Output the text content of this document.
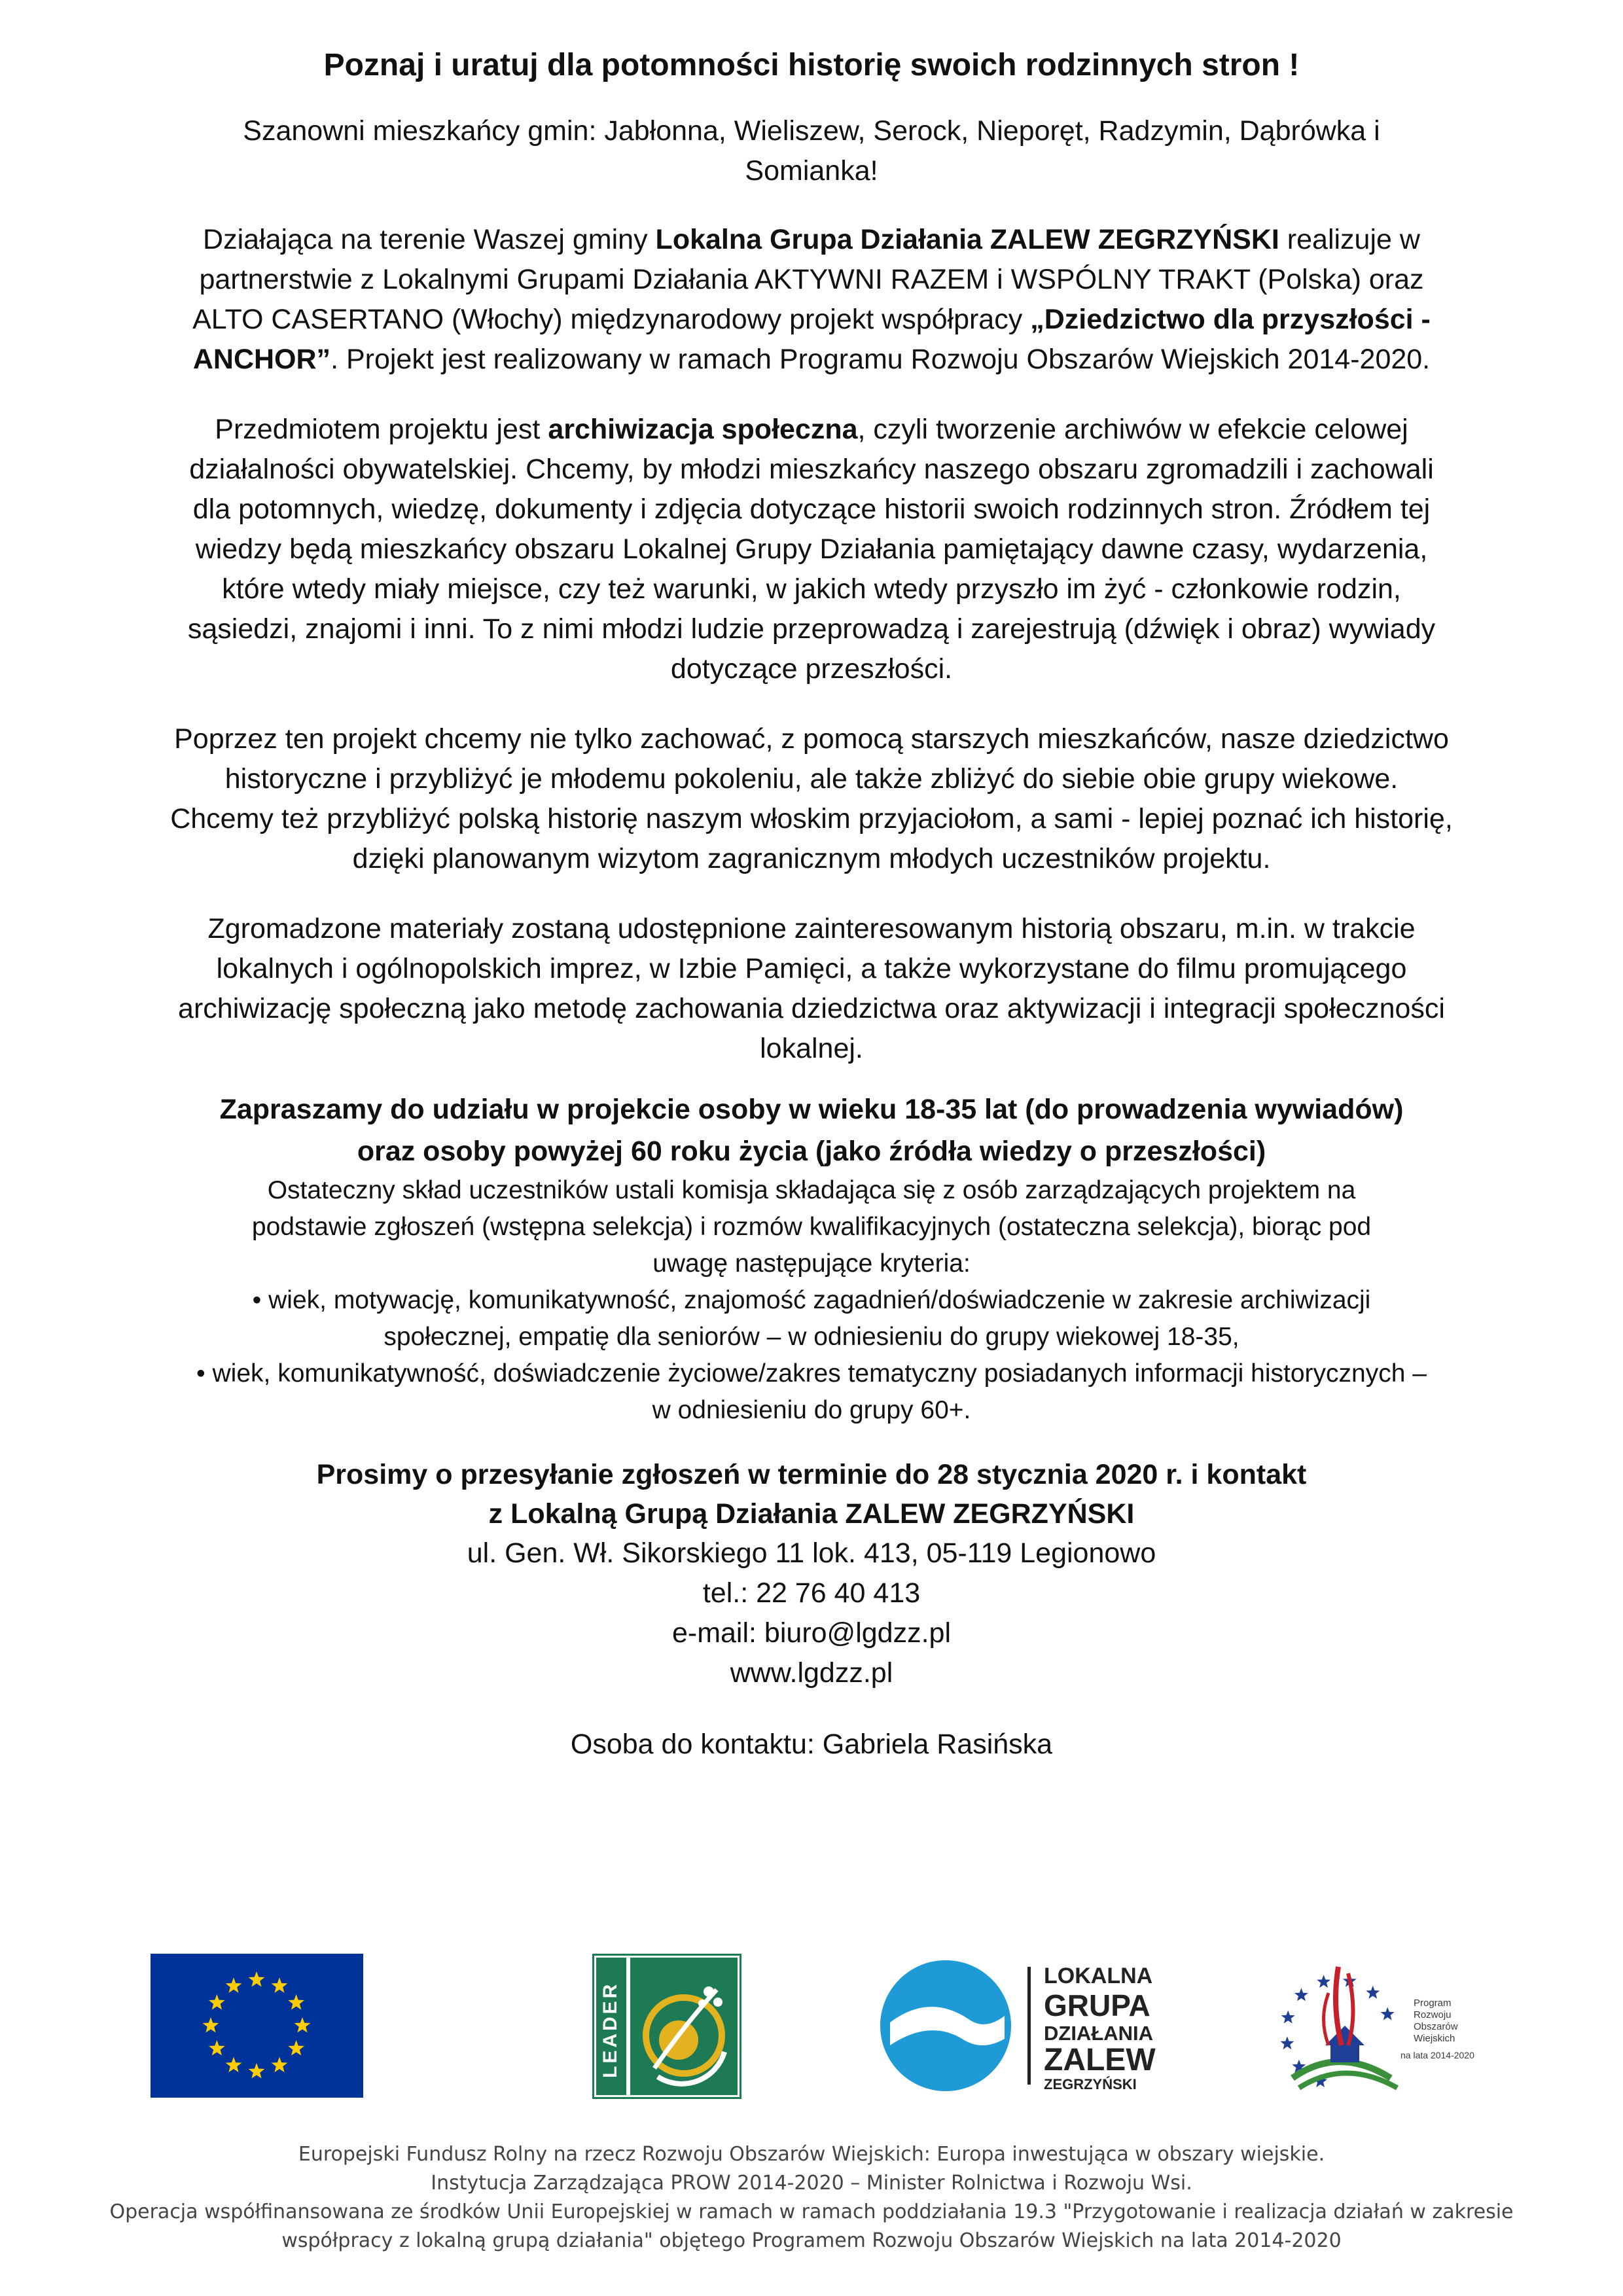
Poznaj i uratuj dla potomności historię swoich rodzinnych stron !

Szanowni mieszkańcy gmin: Jabłonna, Wieliszew, Serock, Nieporęt, Radzymin, Dąbrówka i
Somianka!

Działająca na terenie Waszej gminy Lokalna Grupa Działania ZALEW ZEGRZYŃSKI realizuje w partnerstwie z Lokalnymi Grupami Działania AKTYWNI RAZEM i WSPÓLNY TRAKT (Polska) oraz ALTO CASERTANO (Włochy) międzynarodowy projekt współpracy „Dziedzictwo dla przyszłości - ANCHOR”. Projekt jest realizowany w ramach Programu Rozwoju Obszarów Wiejskich 2014-2020.

Przedmiotem projektu jest archiwizacja społeczna, czyli tworzenie archiwów w efekcie celowej działalności obywatelskiej. Chcemy, by młodzi mieszkańcy naszego obszaru zgromadzili i zachowali dla potomnych, wiedzę, dokumenty i zdjęcia dotyczące historii swoich rodzinnych stron. Źródłem tej wiedzy będą mieszkańcy obszaru Lokalnej Grupy Działania pamiętający dawne czasy, wydarzenia, które wtedy miały miejsce, czy też warunki, w jakich wtedy przyszło im żyć - członkowie rodzin, sąsiedzi, znajomi i inni. To z nimi młodzi ludzie przeprowadzą i zarejestrują (dźwięk i obraz) wywiady dotyczące przeszłości.

Poprzez ten projekt chcemy nie tylko zachować, z pomocą starszych mieszkańców, nasze dziedzictwo historyczne i przybliżyć je młodemu pokoleniu, ale także zbliżyć do siebie obie grupy wiekowe. Chcemy też przybliżyć polską historię naszym włoskim przyjaciołom, a sami - lepiej poznać ich historię, dzięki planowanym wizytom zagranicznym młodych uczestników projektu.

Zgromadzone materiały zostaną udostępnione zainteresowanym historią obszaru, m.in. w trakcie lokalnych i ogólnopolskich imprez, w Izbie Pamięci, a także wykorzystane do filmu promującego archiwizację społeczną jako metodę zachowania dziedzictwa oraz aktywizacji i integracji społeczności lokalnej.

Zapraszamy do udziału w projekcie osoby w wieku 18-35 lat (do prowadzenia wywiadów)
oraz osoby powyżej 60 roku życia (jako źródła wiedzy o przeszłości)

Ostateczny skład uczestników ustali komisja składająca się z osób zarządzających projektem na podstawie zgłoszeń (wstępna selekcja) i rozmów kwalifikacyjnych (ostateczna selekcja), biorąc pod uwagę następujące kryteria:

• wiek, motywację, komunikatywność, znajomość zagadnień/doświadczenie w zakresie archiwizacji społecznej, empatię dla seniorów – w odniesieniu do grupy wiekowej 18-35,

• wiek, komunikatywność, doświadczenie życiowe/zakres tematyczny posiadanych informacji historycznych – w odniesieniu do grupy 60+.

Prosimy o przesyłanie zgłoszeń w terminie do 28 stycznia 2020 r. i kontakt
z Lokalną Grupą Działania ZALEW ZEGRZYŃSKI

ul. Gen. Wł. Sikorskiego 11 lok. 413, 05-119 Legionowo
tel.: 22 76 40 413
e-mail: biuro@lgdzz.pl
www.lgdzz.pl

Osoba do kontaktu: Gabriela Rasińska

LEADER
LOKALNA
GRUPA
DZIAŁANIA
ZALEW
ZEGRZYŃSKI
Program
Rozwoju
Obszarów
Wiejskich
na lata 2014-2020
Europejski Fundusz Rolny na rzecz Rozwoju Obszarów Wiejskich: Europa inwestująca w obszary wiejskie.
Instytucja Zarządzająca PROW 2014-2020 – Minister Rolnictwa i Rozwoju Wsi.
Operacja współfinansowana ze środków Unii Europejskiej w ramach w ramach poddziałania 19.3 "Przygotowanie i realizacja działań w zakresie
współpracy z lokalną grupą działania" objętego Programem Rozwoju Obszarów Wiejskich na lata 2014-2020
